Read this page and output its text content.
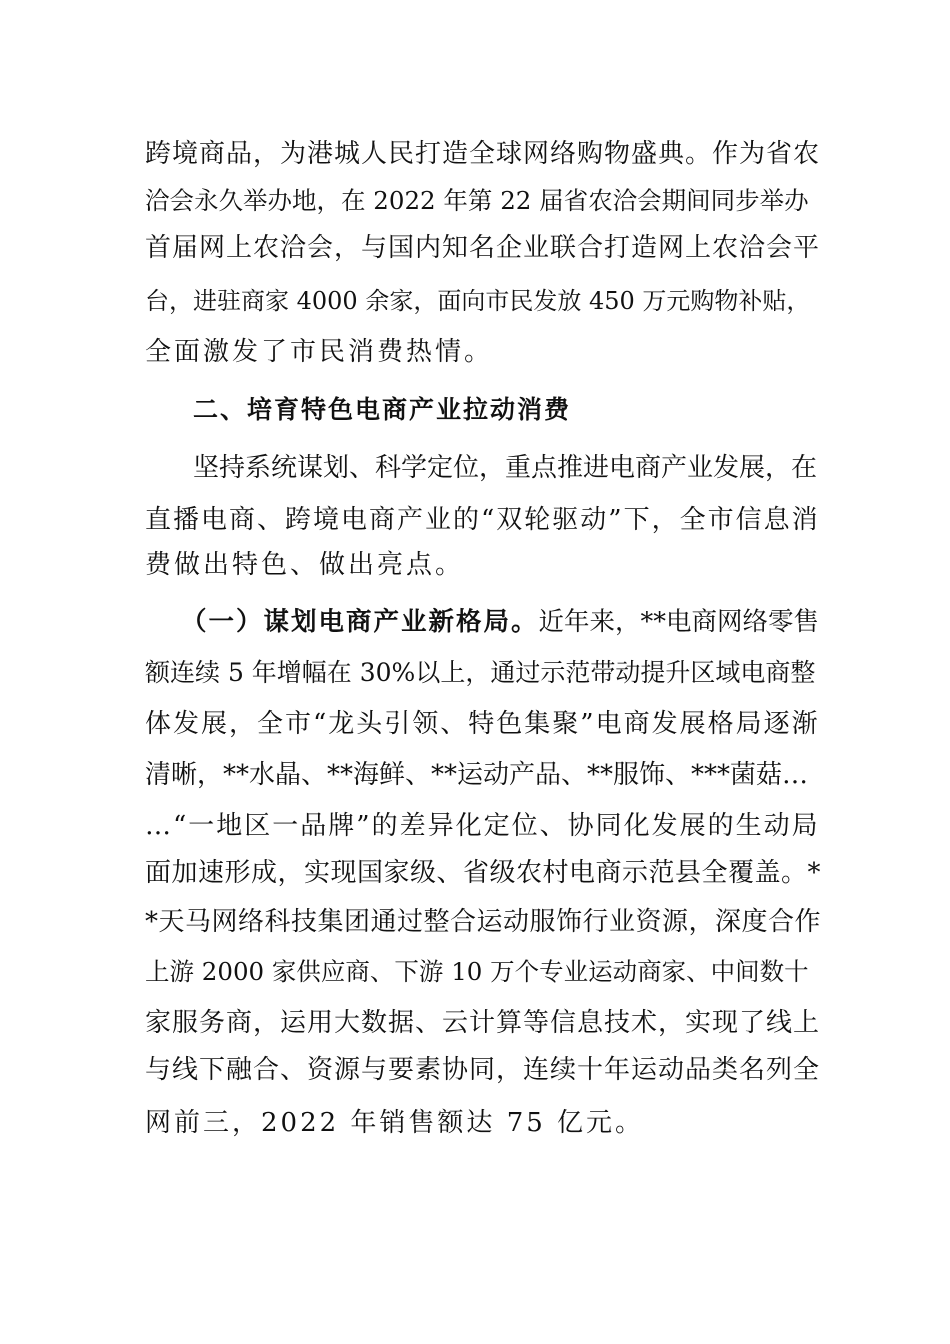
跨境商品，为港城人民打造全球网络购物盛典。作为省农
洽会永久举办地，在 2022 年第 22 届省农洽会期间同步举办
首届网上农洽会，与国内知名企业联合打造网上农洽会平
台，进驻商家 4000 余家，面向市民发放 450 万元购物补贴，
全面激发了市民消费热情。
二、培育特色电商产业拉动消费
坚持系统谋划、科学定位，重点推进电商产业发展，在
直播电商、跨境电商产业的“双轮驱动”下，全市信息消
费做出特色、做出亮点。
（一）谋划电商产业新格局。近年来，**电商网络零售
额连续 5 年增幅在 30%以上，通过示范带动提升区域电商整
体发展，全市“龙头引领、特色集聚”电商发展格局逐渐
清晰，**水晶、**海鲜、**运动产品、**服饰、***菌菇…
…“一地区一品牌”的差异化定位、协同化发展的生动局
面加速形成，实现国家级、省级农村电商示范县全覆盖。*
*天马网络科技集团通过整合运动服饰行业资源，深度合作
上游 2000 家供应商、下游 10 万个专业运动商家、中间数十
家服务商，运用大数据、云计算等信息技术，实现了线上
与线下融合、资源与要素协同，连续十年运动品类名列全
网前三，2022 年销售额达 75 亿元。
